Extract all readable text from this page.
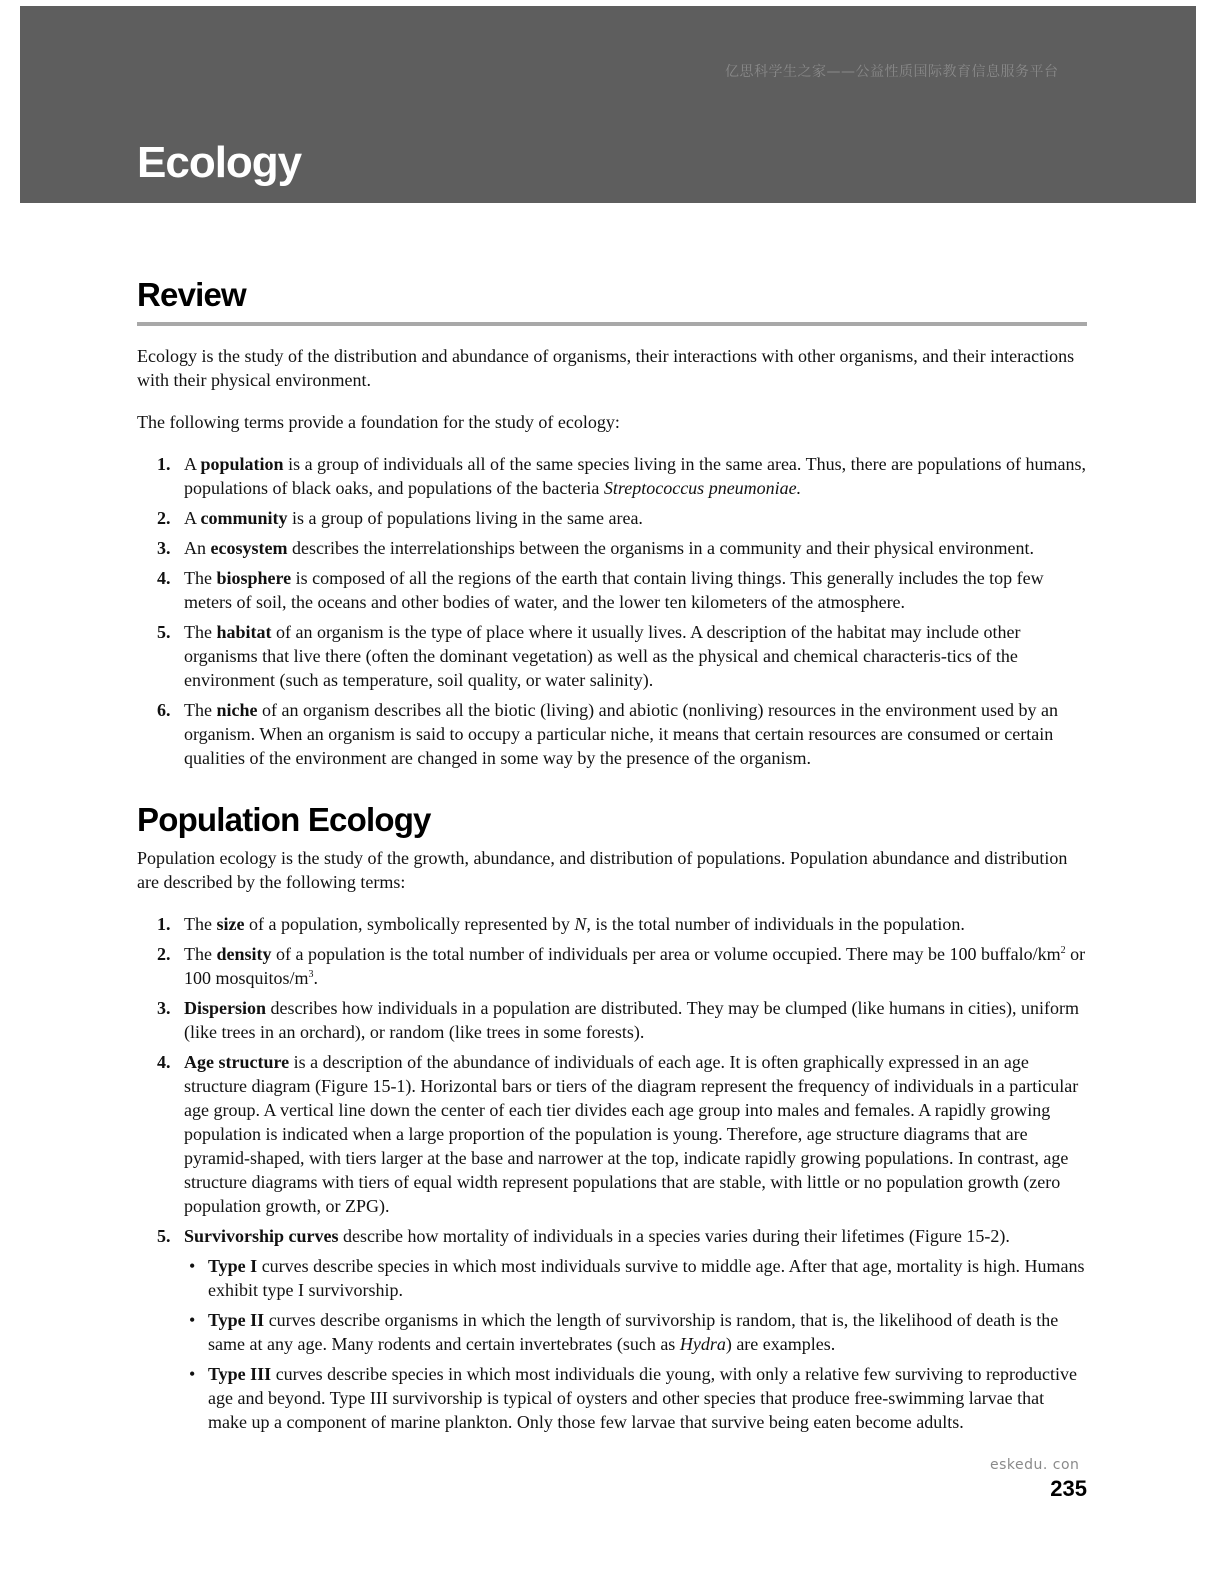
亿思科学生之家——公益性质国际教育信息服务平台
Ecology
Review

Ecology is the study of the distribution and abundance of organisms, their interactions with other organisms, and their interactions with their physical environment.

The following terms provide a foundation for the study of ecology:

1. A population is a group of individuals all of the same species living in the same area. Thus, there are populations of humans, populations of black oaks, and populations of the bacteria Streptococcus pneumoniae.
2. A community is a group of populations living in the same area.
3. An ecosystem describes the interrelationships between the organisms in a community and their physical environment.
4. The biosphere is composed of all the regions of the earth that contain living things. This generally includes the top few meters of soil, the oceans and other bodies of water, and the lower ten kilometers of the atmosphere.
5. The habitat of an organism is the type of place where it usually lives. A description of the habitat may include other organisms that live there (often the dominant vegetation) as well as the physical and chemical characteris-tics of the environment (such as temperature, soil quality, or water salinity).
6. The niche of an organism describes all the biotic (living) and abiotic (nonliving) resources in the environment used by an organism. When an organism is said to occupy a particular niche, it means that certain resources are consumed or certain qualities of the environment are changed in some way by the presence of the organism.
Population Ecology

Population ecology is the study of the growth, abundance, and distribution of populations. Population abundance and distribution are described by the following terms:

1. The size of a population, symbolically represented by N, is the total number of individuals in the population.
2. The density of a population is the total number of individuals per area or volume occupied. There may be 100 buffalo/$km^2$ or 100 mosquitos/$m^3$.
3. Dispersion describes how individuals in a population are distributed. They may be clumped (like humans in cities), uniform (like trees in an orchard), or random (like trees in some forests).
4. Age structure is a description of the abundance of individuals of each age. It is often graphically expressed in an age structure diagram (Figure 15-1). Horizontal bars or tiers of the diagram represent the frequency of individuals in a particular age group. A vertical line down the center of each tier divides each age group into males and females. A rapidly growing population is indicated when a large proportion of the population is young. Therefore, age structure diagrams that are pyramid-shaped, with tiers larger at the base and narrower at the top, indicate rapidly growing populations. In contrast, age structure diagrams with tiers of equal width represent populations that are stable, with little or no population growth (zero population growth, or ZPG).
5. Survivorship curves describe how mortality of individuals in a species varies during their lifetimes (Figure 15-2).
• Type I curves describe species in which most individuals survive to middle age. After that age, mortality is high. Humans exhibit type I survivorship.
• Type II curves describe organisms in which the length of survivorship is random, that is, the likelihood of death is the same at any age. Many rodents and certain invertebrates (such as Hydra) are examples.
• Type III curves describe species in which most individuals die young, with only a relative few surviving to reproductive age and beyond. Type III survivorship is typical of oysters and other species that produce free-swimming larvae that make up a component of marine plankton. Only those few larvae that survive being eaten become adults.
eskedu. con
235
